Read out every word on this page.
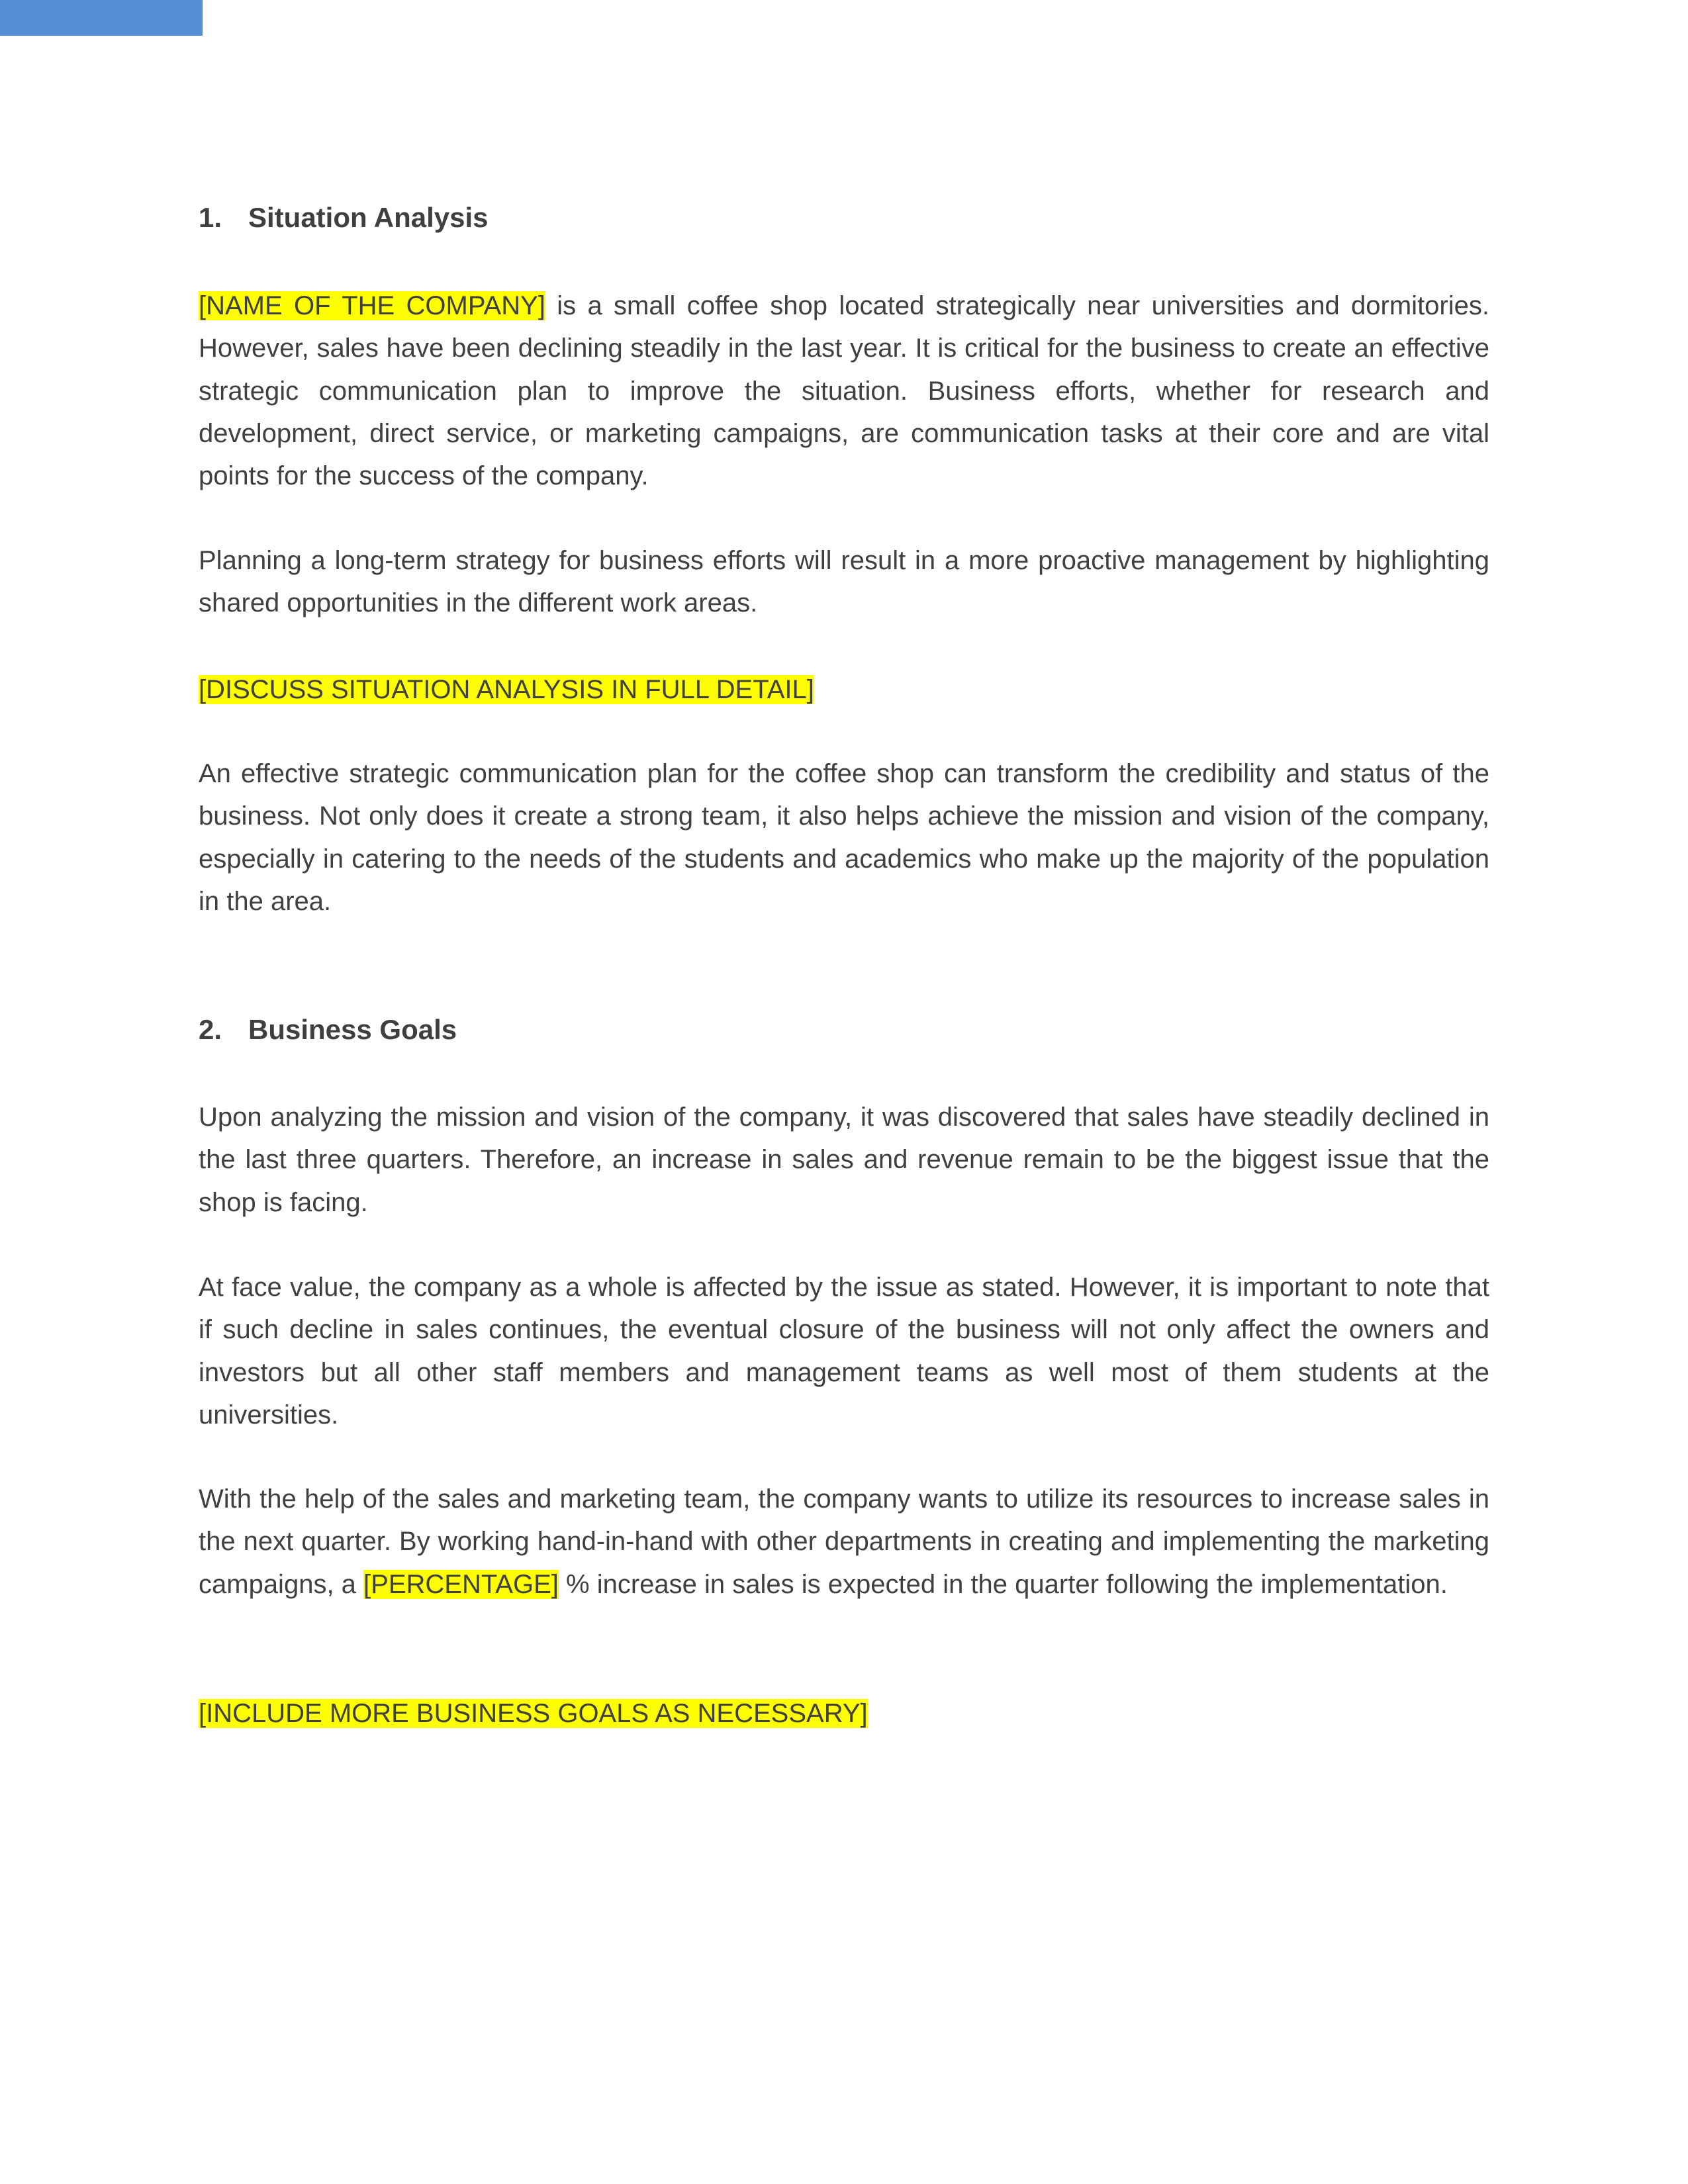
1. Situation Analysis
[NAME OF THE COMPANY] is a small coffee shop located strategically near universities and dormitories. However, sales have been declining steadily in the last year. It is critical for the business to create an effective strategic communication plan to improve the situation. Business efforts, whether for research and development, direct service, or marketing campaigns, are communication tasks at their core and are vital points for the success of the company.
Planning a long-term strategy for business efforts will result in a more proactive management by highlighting shared opportunities in the different work areas.
[DISCUSS SITUATION ANALYSIS IN FULL DETAIL]
An effective strategic communication plan for the coffee shop can transform the credibility and status of the business. Not only does it create a strong team, it also helps achieve the mission and vision of the company, especially in catering to the needs of the students and academics who make up the majority of the population in the area.
2. Business Goals
Upon analyzing the mission and vision of the company, it was discovered that sales have steadily declined in the last three quarters. Therefore, an increase in sales and revenue remain to be the biggest issue that the shop is facing.
At face value, the company as a whole is affected by the issue as stated. However, it is important to note that if such decline in sales continues, the eventual closure of the business will not only affect the owners and investors but all other staff members and management teams as well most of them students at the universities.
With the help of the sales and marketing team, the company wants to utilize its resources to increase sales in the next quarter. By working hand-in-hand with other departments in creating and implementing the marketing campaigns, a [PERCENTAGE] % increase in sales is expected in the quarter following the implementation.
[INCLUDE MORE BUSINESS GOALS AS NECESSARY]
